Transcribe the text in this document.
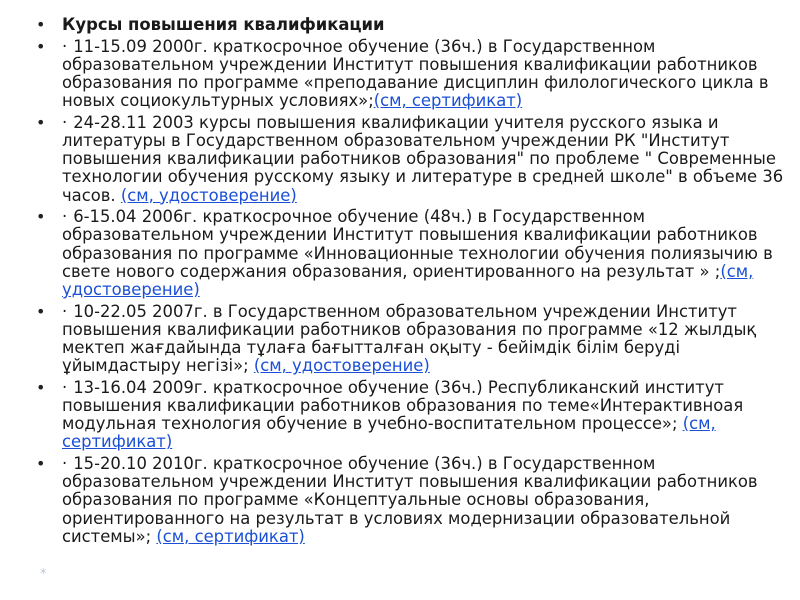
• Курсы повышения квалификации
• · 11-15.09 2000г. краткосрочное обучение (36ч.) в Государственном образовательном учреждении Институт повышения квалификации работников образования по программе «преподавание дисциплин филологического цикла в новых социокультурных условиях»;(см, сертификат)
• · 24-28.11 2003 курсы повышения квалификации учителя русского языка и литературы в Государственном образовательном учреждении РК "Институт повышения квалификации работников образования" по проблеме " Современные технологии обучения русскому языку и литературе в средней школе" в объеме 36 часов. (см, удостоверение)
• · 6-15.04 2006г. краткосрочное обучение (48ч.) в Государственном образовательном учреждении Институт повышения квалификации работников образования по программе «Инновационные технологии обучения полиязычию в свете нового содержания образования, ориентированного на результат » ;(см, удостоверение)
• · 10-22.05 2007г. в Государственном образовательном учреждении Институт повышения квалификации работников образования по программе «12 жылдық мектеп жағдайында тұлаға бағытталған оқыту - бейімдік білім беруді ұйымдастыру негізі»; (см, удостоверение)
• · 13-16.04 2009г. краткосрочное обучение (36ч.) Республиканский институт повышения квалификации работников образования по теме«Интерактивноая модульная технология обучение в учебно-воспитательном процессе»; (см, сертификат)
• · 15-20.10 2010г. краткосрочное обучение (36ч.) в Государственном образовательном учреждении Институт повышения квалификации работников образования по программе «Концептуальные основы образования, ориентированного на результат в условиях модернизации образовательной системы»; (см, сертификат)
*
